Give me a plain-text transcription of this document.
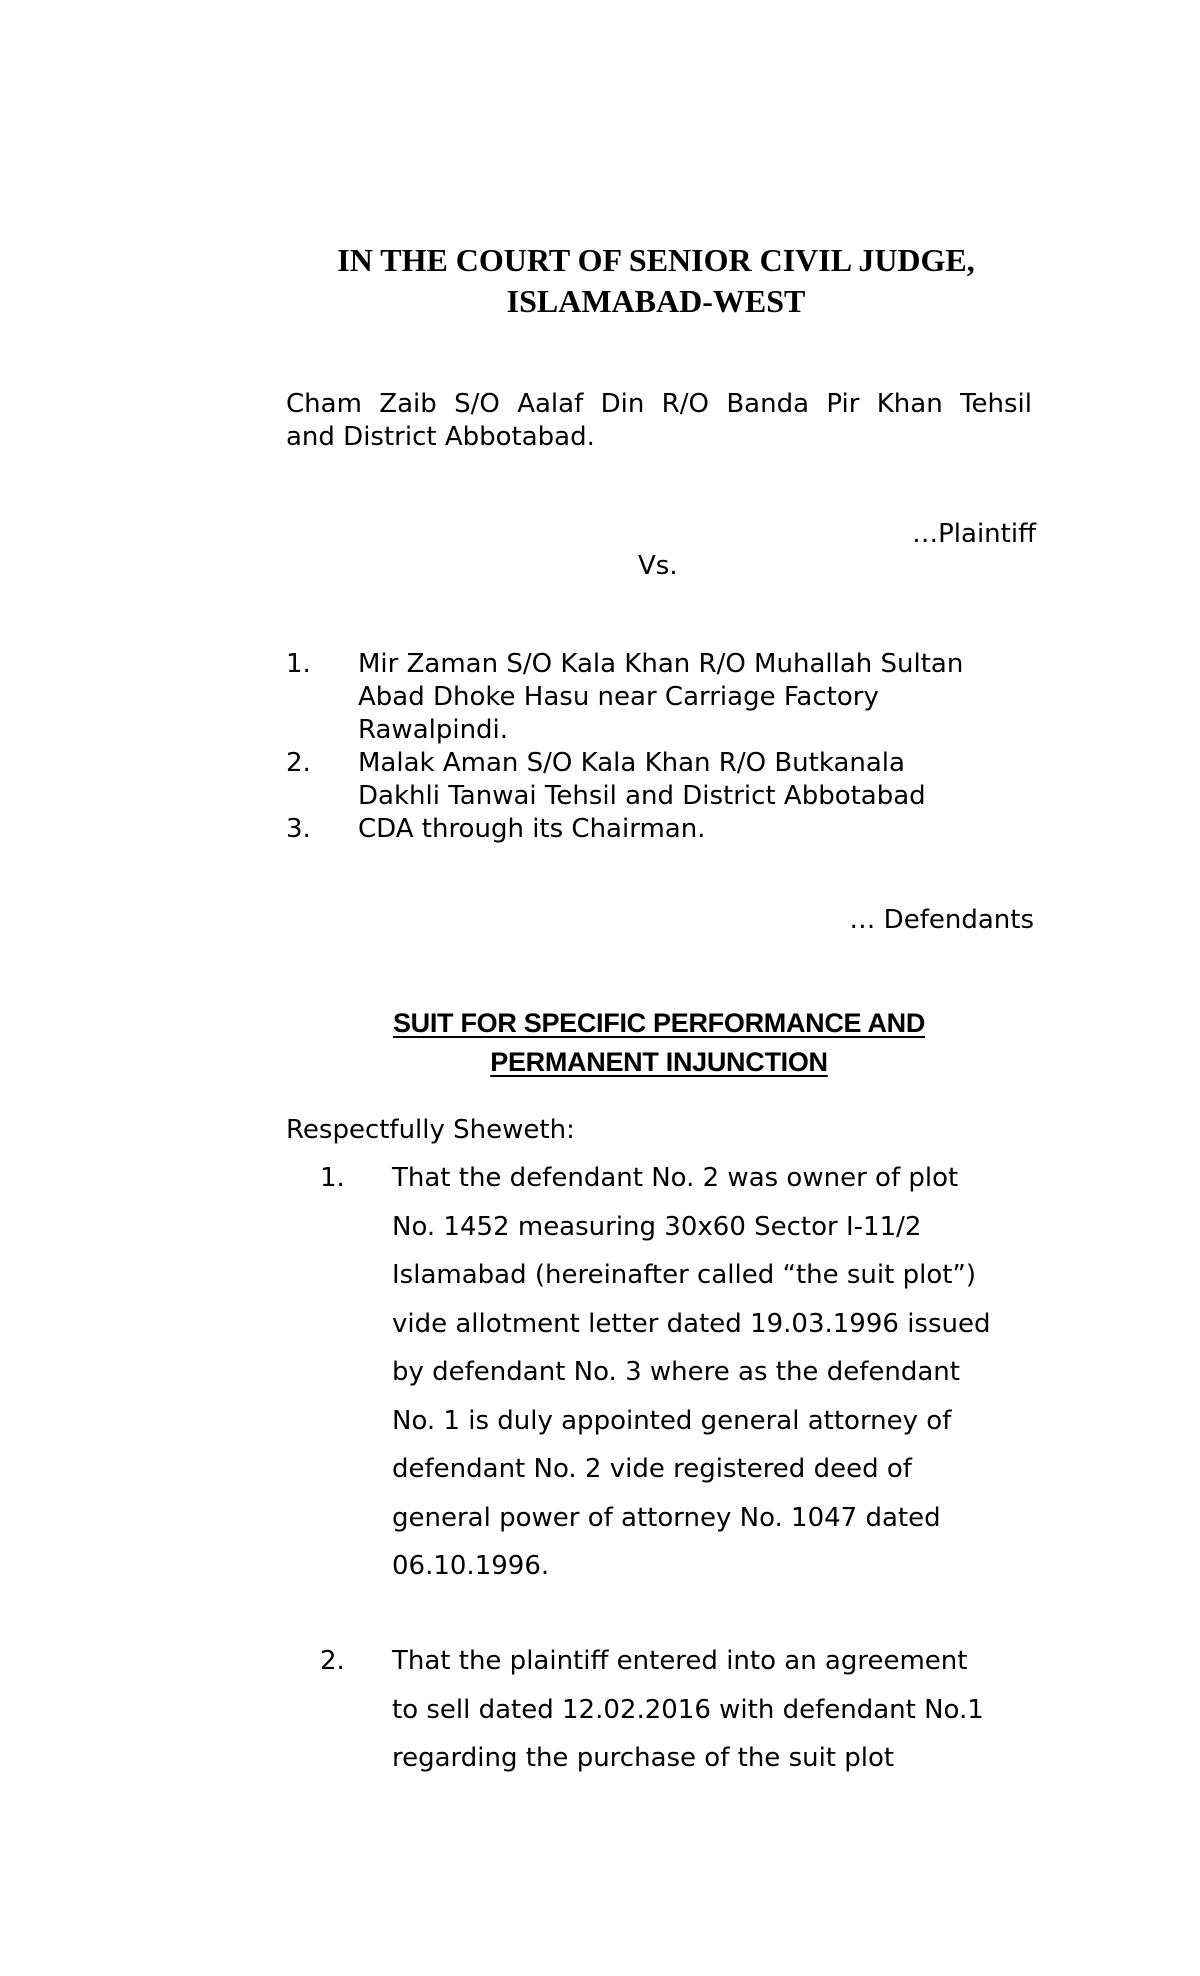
IN THE COURT OF SENIOR CIVIL JUDGE,
ISLAMABAD-WEST
Cham Zaib S/O Aalaf Din R/O Banda Pir Khan Tehsil
and District Abbotabad.
…Plaintiff
Vs.
1. Mir Zaman S/O Kala Khan R/O Muhallah Sultan
Abad Dhoke Hasu near Carriage Factory
Rawalpindi.
2. Malak Aman S/O Kala Khan R/O Butkanala
Dakhli Tanwai Tehsil and District Abbotabad
3. CDA through its Chairman.
… Defendants
SUIT FOR SPECIFIC PERFORMANCE AND
PERMANENT INJUNCTION
Respectfully Sheweth:
1. That the defendant No. 2 was owner of plot
No. 1452 measuring 30x60 Sector I-11/2
Islamabad (hereinafter called “the suit plot”)
vide allotment letter dated 19.03.1996 issued
by defendant No. 3 where as the defendant
No. 1 is duly appointed general attorney of
defendant No. 2 vide registered deed of
general power of attorney No. 1047 dated
06.10.1996.
2. That the plaintiff entered into an agreement
to sell dated 12.02.2016 with defendant No.1
regarding the purchase of the suit plot
